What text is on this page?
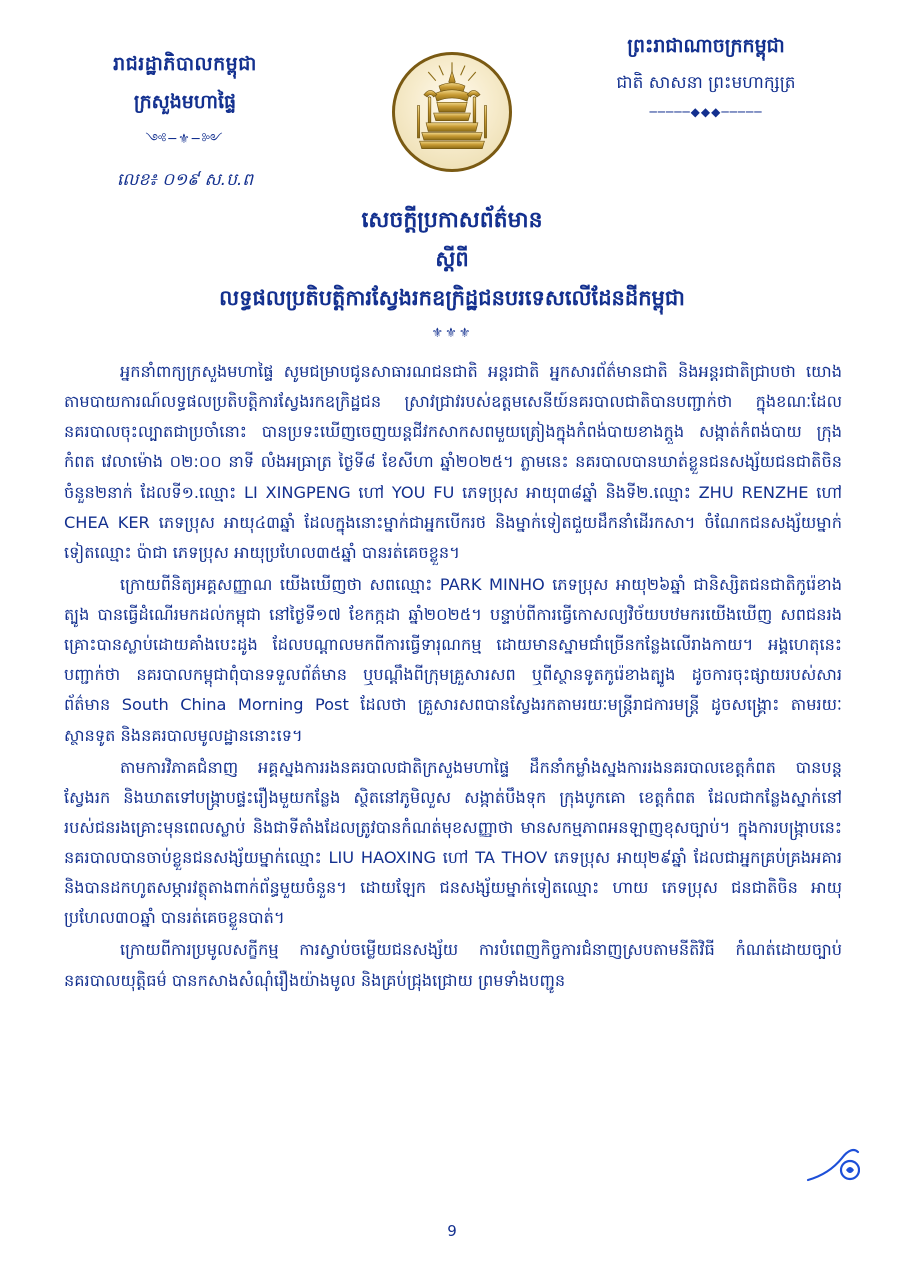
រាជរដ្ឋាភិបាលកម្ពុជា
ក្រសួងមហាផ្ទៃ
༺─⚜─༻
លេខ៖ ០១៩ ស.ប.ព
ព្រះរាជាណាចក្រកម្ពុជា
ជាតិ សាសនា ព្រះមហាក្សត្រ
─────◆◆◆─────
សេចក្តីប្រកាសព័ត៌មាន
ស្តីពី
លទ្ធផលប្រតិបត្តិការស្វែងរកឧក្រិដ្ឋជនបរទេសលើដែនដីកម្ពុជា
⚜⚜⚜

អ្នកនាំពាក្យក្រសួងមហាផ្ទៃ សូមជម្រាបជូនសាធារណជនជាតិ អន្តរជាតិ អ្នកសារព័ត៌មានជាតិ និងអន្តរជាតិជ្រាបថា យោងតាមបាយការណ៍លទ្ធផលប្រតិបត្តិការស្វែងរកឧក្រិដ្ឋជន ស្រាវជ្រាវរបស់ឧត្តមសេនីយ៍នគរបាលជាតិបានបញ្ជាក់ថា ក្នុងខណៈដែលនគរបាលចុះល្បាតជាប្រចាំនោះ បានប្រទះឃើញចេញយន្តជីវកសាកសពមួយត្រៀងក្នុងកំពង់បាយខាងក្តួង សង្កាត់កំពង់បាយ ក្រុងកំពត វេលាម៉ោង ០២:០០ នាទី លំងអធ្រាត្រ ថ្ងៃទី៨ ខែសីហា ឆ្នាំ២០២៥។ ភ្លាមនេះ នគរបាលបានឃាត់ខ្លួនជនសង្ស័យជនជាតិចិន ចំនួន២នាក់ ដែលទី១.ឈ្មោះ LI XINGPENG ហៅ YOU FU ភេទប្រុស អាយុ៣៨ឆ្នាំ និងទី២.ឈ្មោះ ZHU RENZHE ហៅ CHEA KER ភេទប្រុស អាយុ៤៣ឆ្នាំ ដែលក្នុងនោះម្នាក់ជាអ្នកបើករថ និងម្នាក់ទៀតជួយដឹកនាំដើរកសា។ ចំណែកជនសង្ស័យម្នាក់ទៀតឈ្មោះ ប៉ាជា ភេទប្រុស អាយុប្រហែល៣៥ឆ្នាំ បានរត់គេចខ្លួន។

ក្រោយពីនិត្យអគ្គសញ្ញាណ យើងឃើញថា សពឈ្មោះ PARK MINHO ភេទប្រុស អាយុ២៦ឆ្នាំ ជានិស្សិតជនជាតិកូរ៉េខាងត្បូង បានធ្វើដំណើរមកដល់កម្ពុជា នៅថ្ងៃទី១៧ ខែកក្កដា ឆ្នាំ២០២៥។ បន្ទាប់ពីការធ្វើកោសល្យវិច័យបឋមករយើងឃើញ សពជនរងគ្រោះបានស្លាប់ដោយគាំងបេះដូង ដែលបណ្តាលមកពីការធ្វើទារុណកម្ម ដោយមានស្នាមជាំច្រើនកន្លែងលើរាងកាយ។ អង្គហេតុនេះបញ្ជាក់ថា នគរបាលកម្ពុជាពុំបានទទួលព័ត៌មាន ឬបណ្តឹងពីក្រុមគ្រួសារសព ឬពីស្ថានទូតកូរ៉េខាងត្បូង ដូចការចុះផ្សាយរបស់សារព័ត៌មាន South China Morning Post ដែលថា គ្រួសារសពបានស្វែងរកតាមរយៈមន្ត្រីរាជការមន្ត្រី ដូចសង្គ្រោះ តាមរយៈស្ថានទូត និងនគរបាលមូលដ្ឋាននោះទេ។

តាមការវិភាគជំនាញ អគ្គស្នងការរងនគរបាលជាតិក្រសួងមហាផ្ទៃ ដឹកនាំកម្លាំងស្នងការរងនគរបាលខេត្តកំពត បានបន្តស្វែងរក និងឃាតទៅបង្រ្កាបផ្ទះរឿងមួយកន្លែង ស្ថិតនៅភូមិលួស សង្កាត់បឹងទុក ក្រុងបូកគោ ខេត្តកំពត ដែលជាកន្លែងស្នាក់នៅរបស់ជនរងគ្រោះមុនពេលស្លាប់ និងជាទីតាំងដែលត្រូវបានកំណត់មុខសញ្ញាថា មានសកម្មភាពអនឡាញខុសច្បាប់។ ក្នុងការបង្រ្កាបនេះ នគរបាលបានចាប់ខ្លួនជនសង្ស័យម្នាក់ឈ្មោះ LIU HAOXING ហៅ TA THOV ភេទប្រុស អាយុ២៩ឆ្នាំ ដែលជាអ្នកគ្រប់គ្រងអគារ និងបានដកហូតសម្ភារវត្ថុតាងពាក់ព័ន្ធមួយចំនួន។ ដោយឡែក ជនសង្ស័យម្នាក់ទៀតឈ្មោះ ហាយ ភេទប្រុស ជនជាតិចិន អាយុប្រហែល៣០ឆ្នាំ បានរត់គេចខ្លួនបាត់។

ក្រោយពីការប្រមូលសក្ខីកម្ម ការស្វាប់ចម្លើយជនសង្ស័យ ការបំពេញកិច្ចការជំនាញស្របតាមនីតិវិធី កំណត់ដោយច្បាប់ នគរបាលយុត្តិធម៌ បានកសាងសំណុំរឿងយ៉ាងមូល និងគ្រប់ជ្រុងជ្រោយ ព្រមទាំងបញ្ជូន

9
